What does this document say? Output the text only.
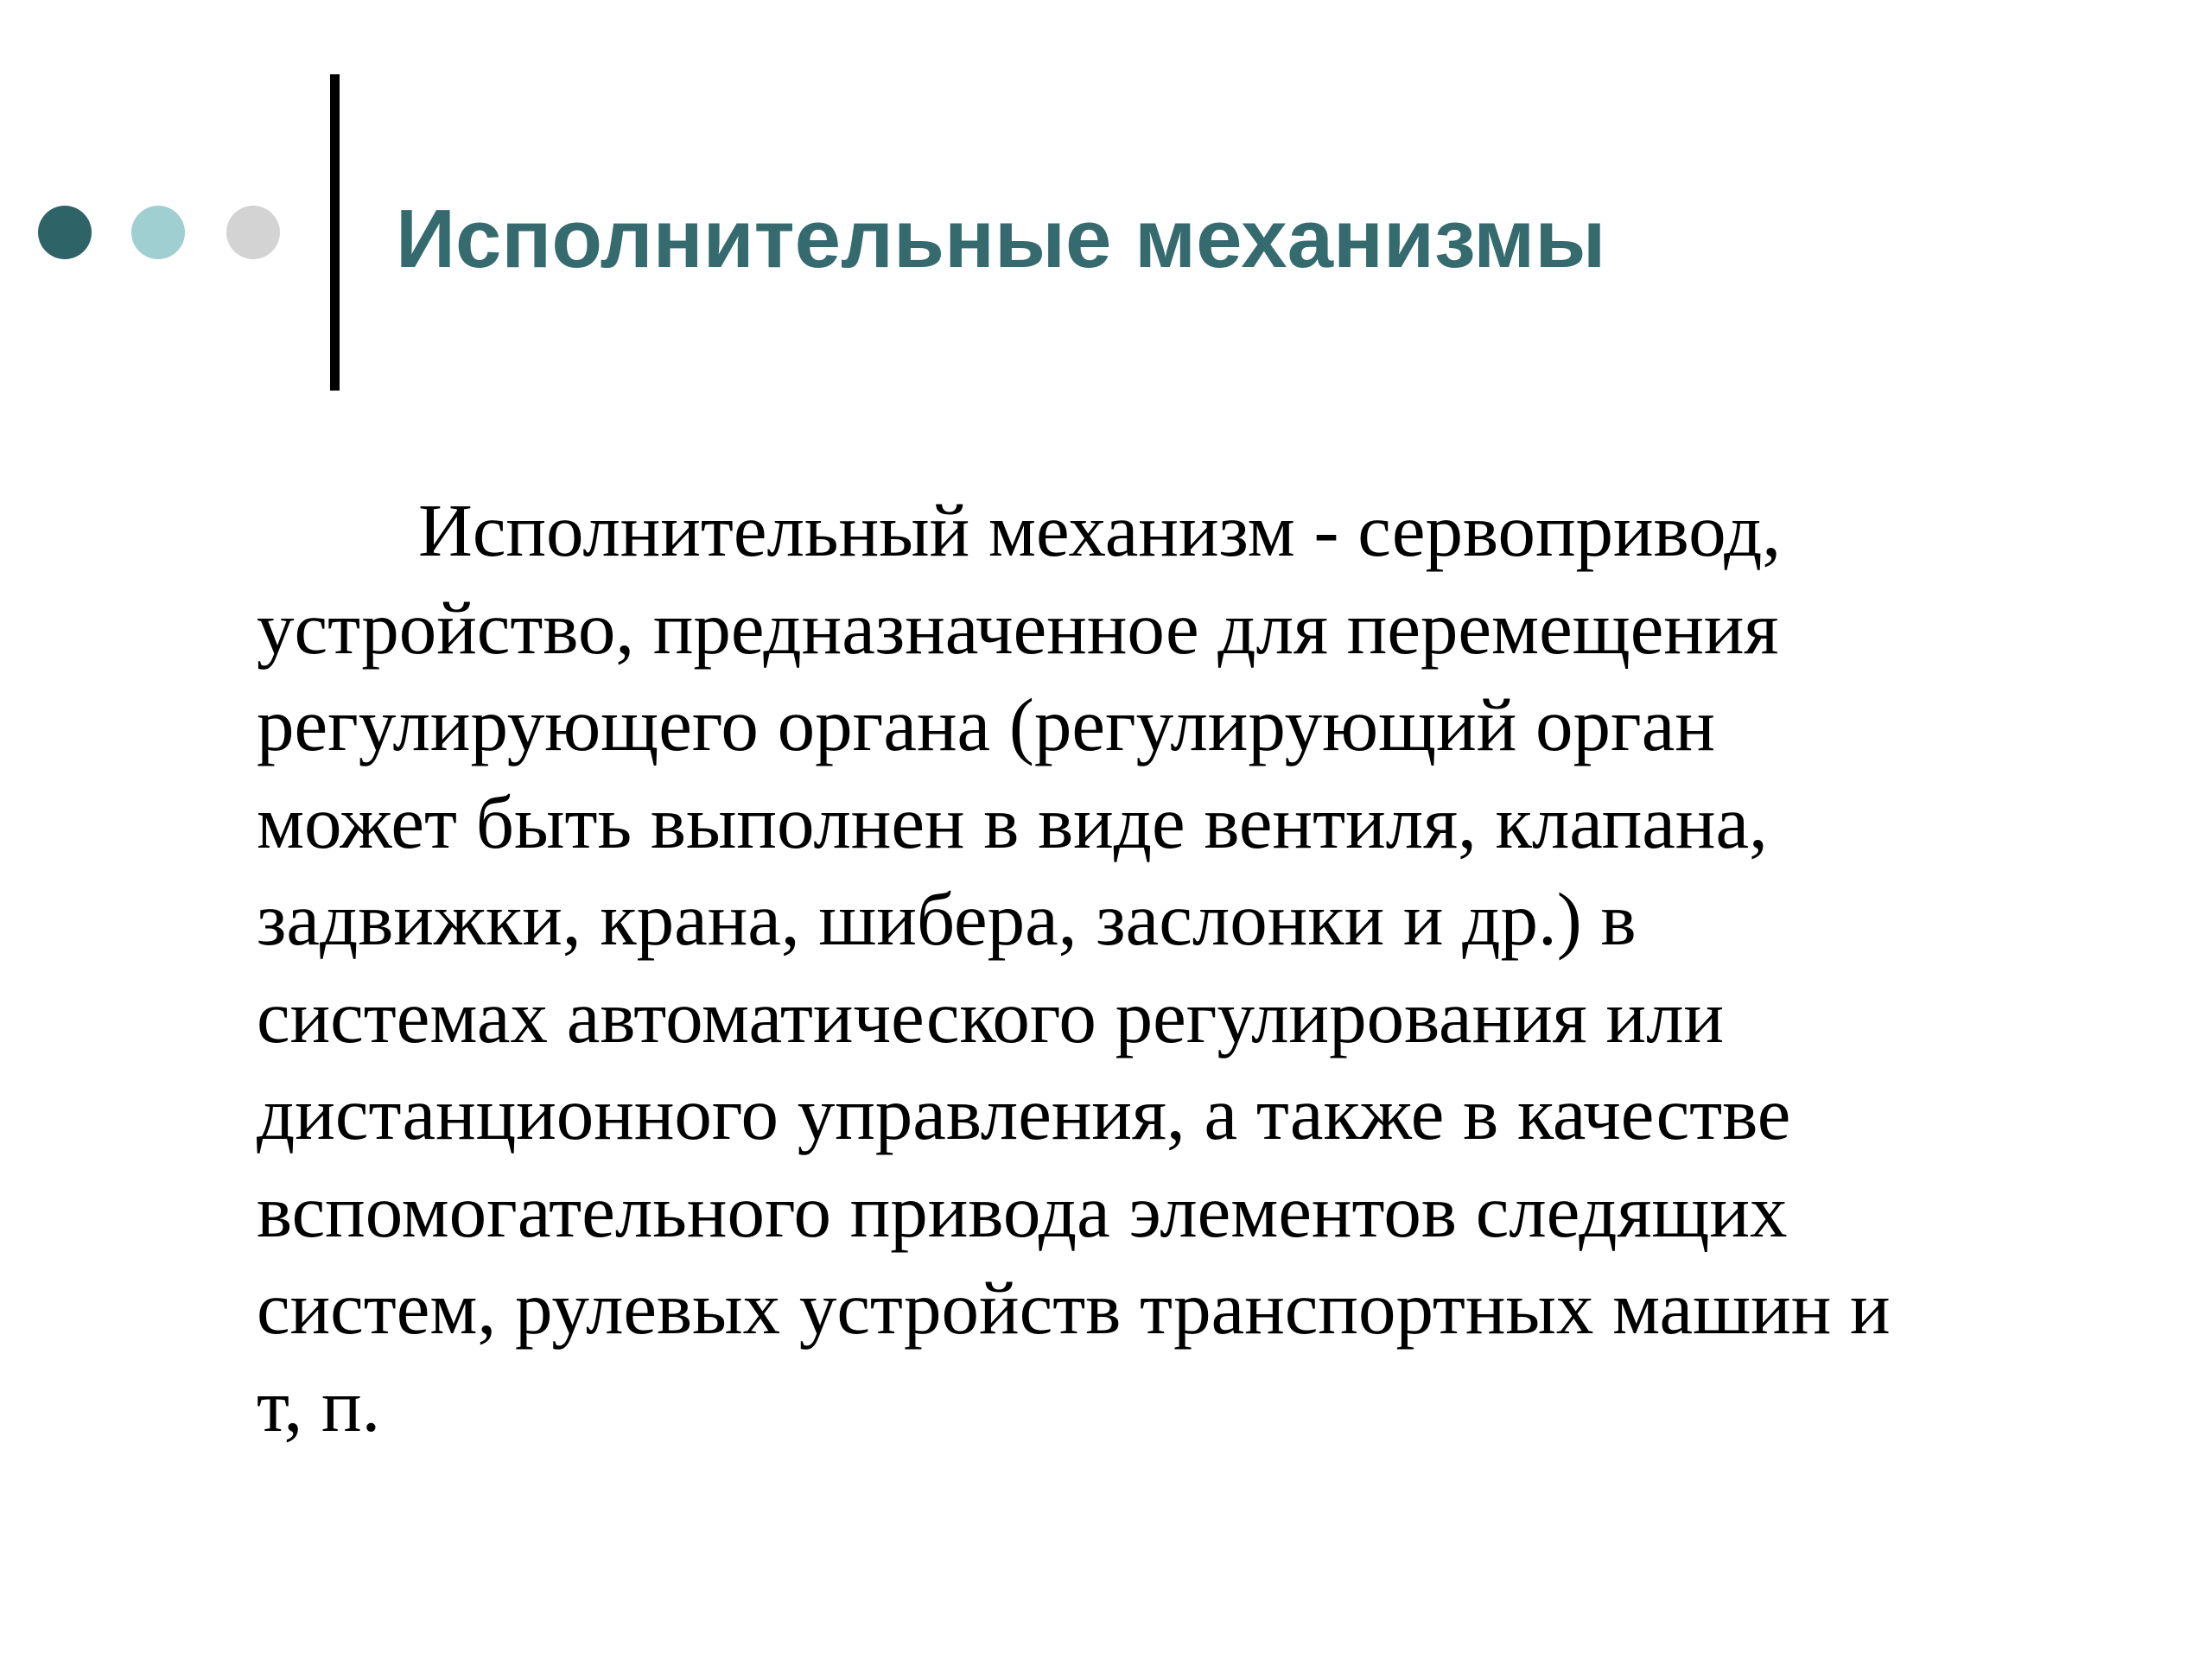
Исполнительные механизмы

Исполнительный механизм - сервопривод,
устройство, предназначенное для перемещения
регулирующего органа (регулирующий орган
может быть выполнен в виде вентиля, клапана,
задвижки, крана, шибера, заслонки и др.) в
системах автоматического регулирования или
дистанционного управления, а также в качестве
вспомогательного привода элементов следящих
систем, рулевых устройств транспортных машин и
т, п.
